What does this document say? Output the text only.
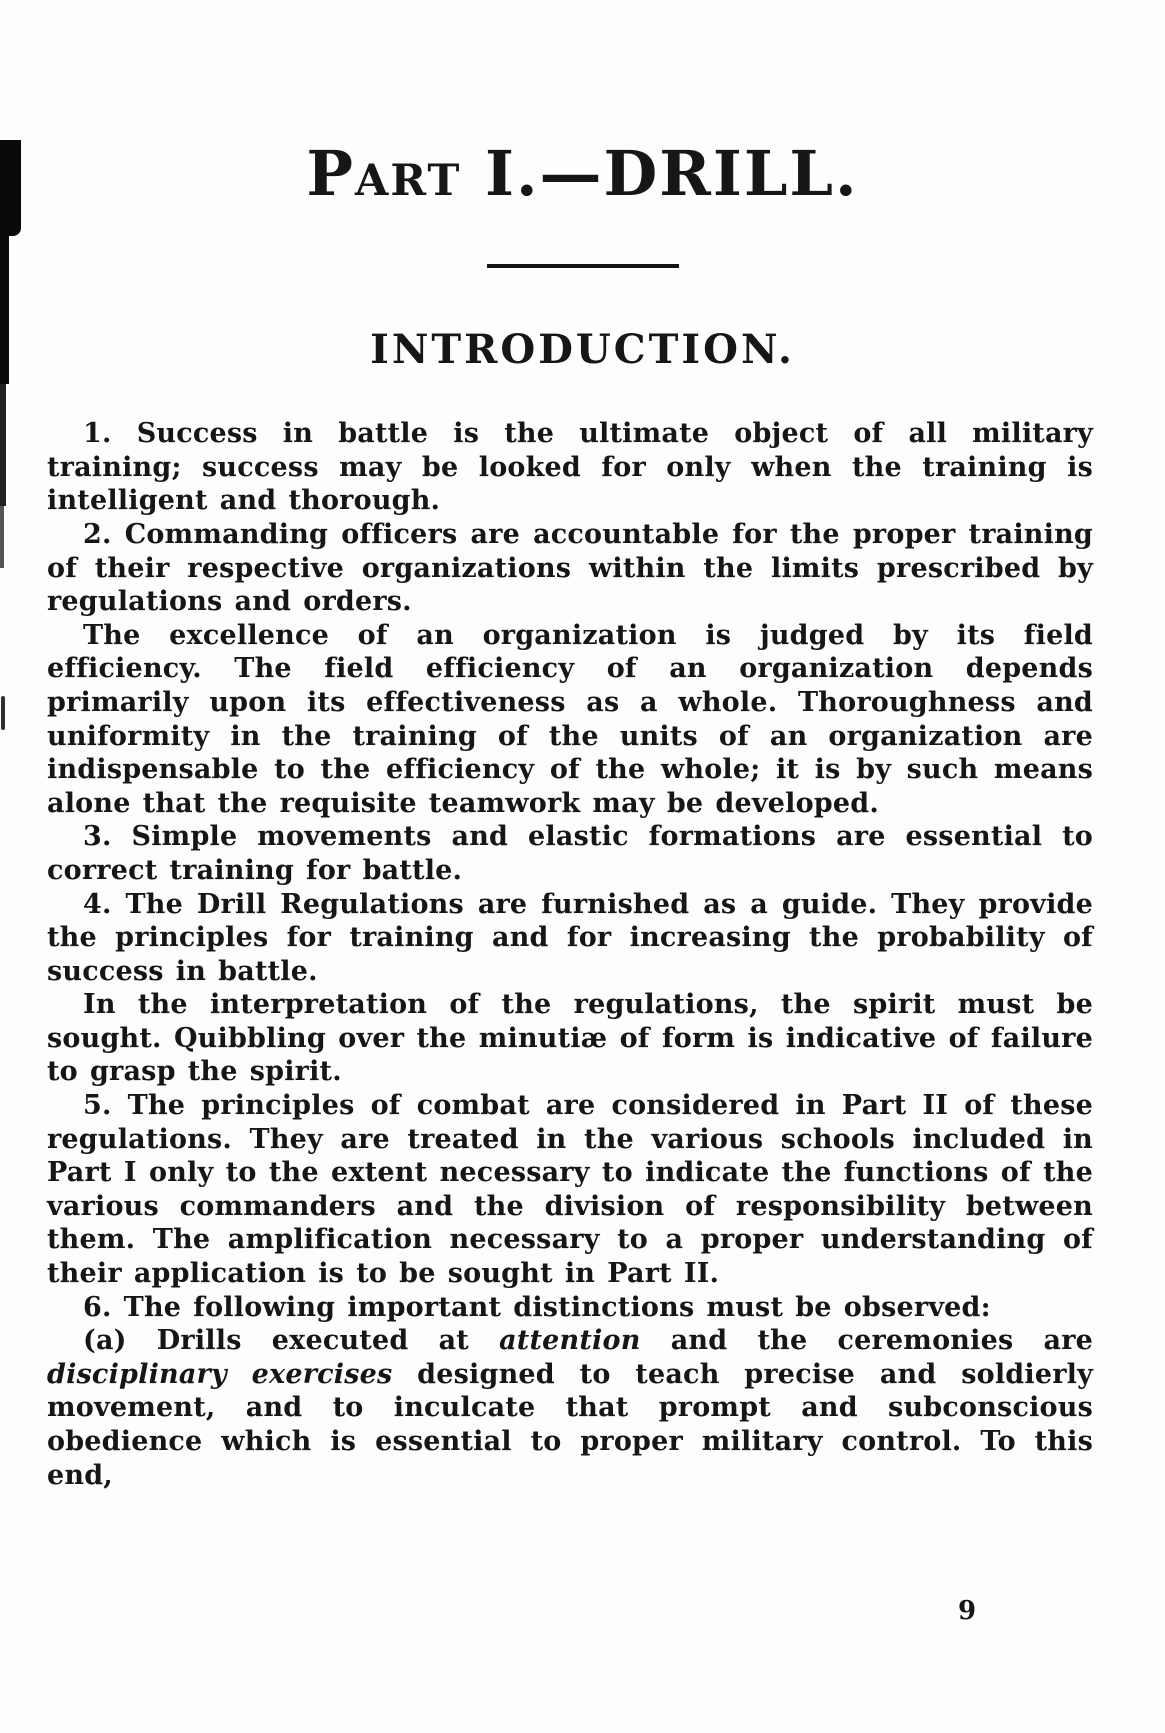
Part I.—DRILL.
INTRODUCTION.

1. Success in battle is the ultimate object of all military training; success may be looked for only when the training is intelligent and thorough.

2. Commanding officers are accountable for the proper training of their respective organizations within the limits prescribed by regulations and orders.

The excellence of an organization is judged by its field efficiency. The field efficiency of an organization depends primarily upon its effectiveness as a whole. Thoroughness and uniformity in the training of the units of an organization are indispensable to the efficiency of the whole; it is by such means alone that the requisite teamwork may be developed.

3. Simple movements and elastic formations are essential to correct training for battle.

4. The Drill Regulations are furnished as a guide. They provide the principles for training and for increasing the probability of success in battle.

In the interpretation of the regulations, the spirit must be sought. Quibbling over the minutiæ of form is indicative of failure to grasp the spirit.

5. The principles of combat are considered in Part II of these regulations. They are treated in the various schools included in Part I only to the extent necessary to indicate the functions of the various commanders and the division of responsibility between them. The amplification necessary to a proper understanding of their application is to be sought in Part II.

6. The following important distinctions must be observed:

(a) Drills executed at attention and the ceremonies are disciplinary exercises designed to teach precise and soldierly movement, and to inculcate that prompt and subconscious obedience which is essential to proper military control. To this end,

9
